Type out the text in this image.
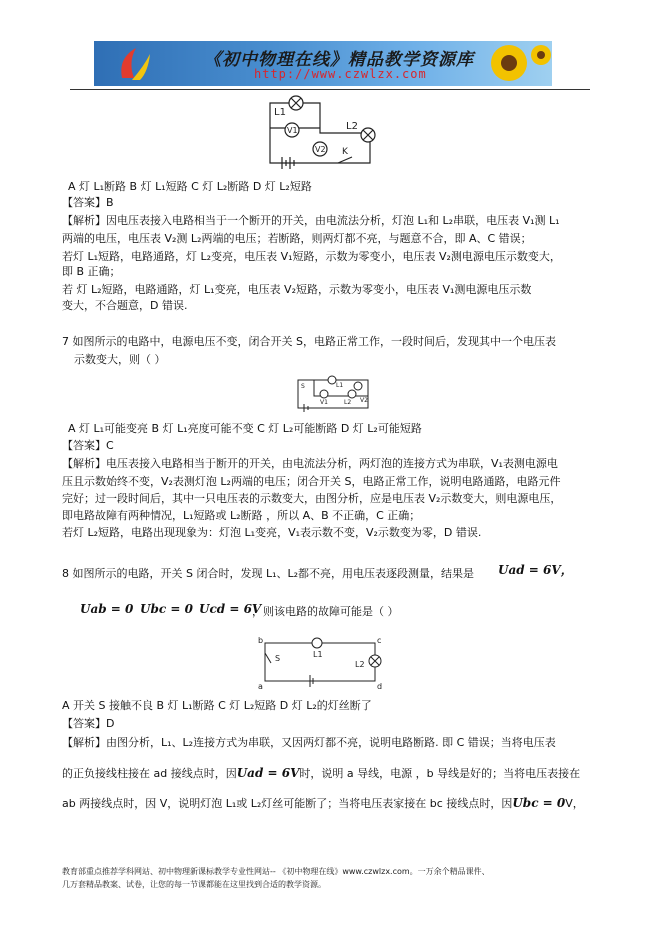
《初中物理在线》精品教学资源库
http://www.czwlzx.com
L1
V1	L2
V2 K
A 灯 L₁断路 B 灯 L₁短路 C 灯 L₂断路 D 灯 L₂短路
【答案】B
【解析】因电压表接入电路相当于一个断开的开关，由电流法分析，灯泡 L₁和 L₂串联，电压表 V₁测 L₁
两端的电压，电压表 V₂测 L₂两端的电压；若断路，则两灯都不亮，与题意不合，即 A、C 错误；
若灯 L₁短路，电路通路，灯 L₂变亮，电压表 V₁短路，示数为零变小，电压表 V₂测电源电压示数变大，
即 B 正确；
若 灯 L₂短路，电路通路，灯 L₁变亮，电压表 V₂短路，示数为零变小，电压表 V₁测电源电压示数
变大，不合题意，D 错误.
7 如图所示的电路中，电源电压不变，闭合开关 S，电路正常工作，一段时间后，发现其中一个电压表
示数变大，则（ ）
S	L1
V1	L2 V2
A 灯 L₁可能变亮 B 灯 L₁亮度可能不变 C 灯 L₂可能断路 D 灯 L₂可能短路
【答案】C
【解析】电压表接入电路相当于断开的开关，由电流法分析，两灯泡的连接方式为串联，V₁表测电源电
压且示数始终不变，V₂表测灯泡 L₂两端的电压；闭合开关 S，电路正常工作，说明电路通路，电路元件
完好；过一段时间后，其中一只电压表的示数变大，由图分析，应是电压表 V₂示数变大，则电源电压，
即电路故障有两种情况，L₁短路或 L₂断路 ，所以 A、B 不正确，C 正确；
若灯 L₂短路，电路出现现象为：灯泡 L₁变亮，V₁表示数不变，V₂示数变为零，D 错误.
8 如图所示的电路，开关 S 闭合时，发现 L₁、L₂都不亮，用电压表逐段测量，结果是 Uad = 6V，
Uab = 0 Ubc = 0 Ucd = 6V
，则该电路的故障可能是（ ）
b
S	L1
c
L2
a	d
A 开关 S 接触不良 B 灯 L₁断路 C 灯 L₂短路 D 灯 L₂的灯丝断了
【答案】D
【解析】由图分析，L₁、L₂连接方式为串联，又因两灯都不亮，说明电路断路. 即 C 错误；当将电压表
的正负接线柱接在 ad 接线点时，因Uad = 6V时，说明 a 导线，电源 ，b 导线是好的；当将电压表接在
ab 两接线点时，因 V，说明灯泡 L₁或 L₂灯丝可能断了；当将电压表家接在 bc 接线点时，因Ubc = 0V，
教育部重点推荐学科网站、初中物理新课标教学专业性网站-- 《初中物理在线》www.czwlzx.com。一万余个精品课件、
几万套精品教案、试卷，让您的每一节课都能在这里找到合适的教学资源。
